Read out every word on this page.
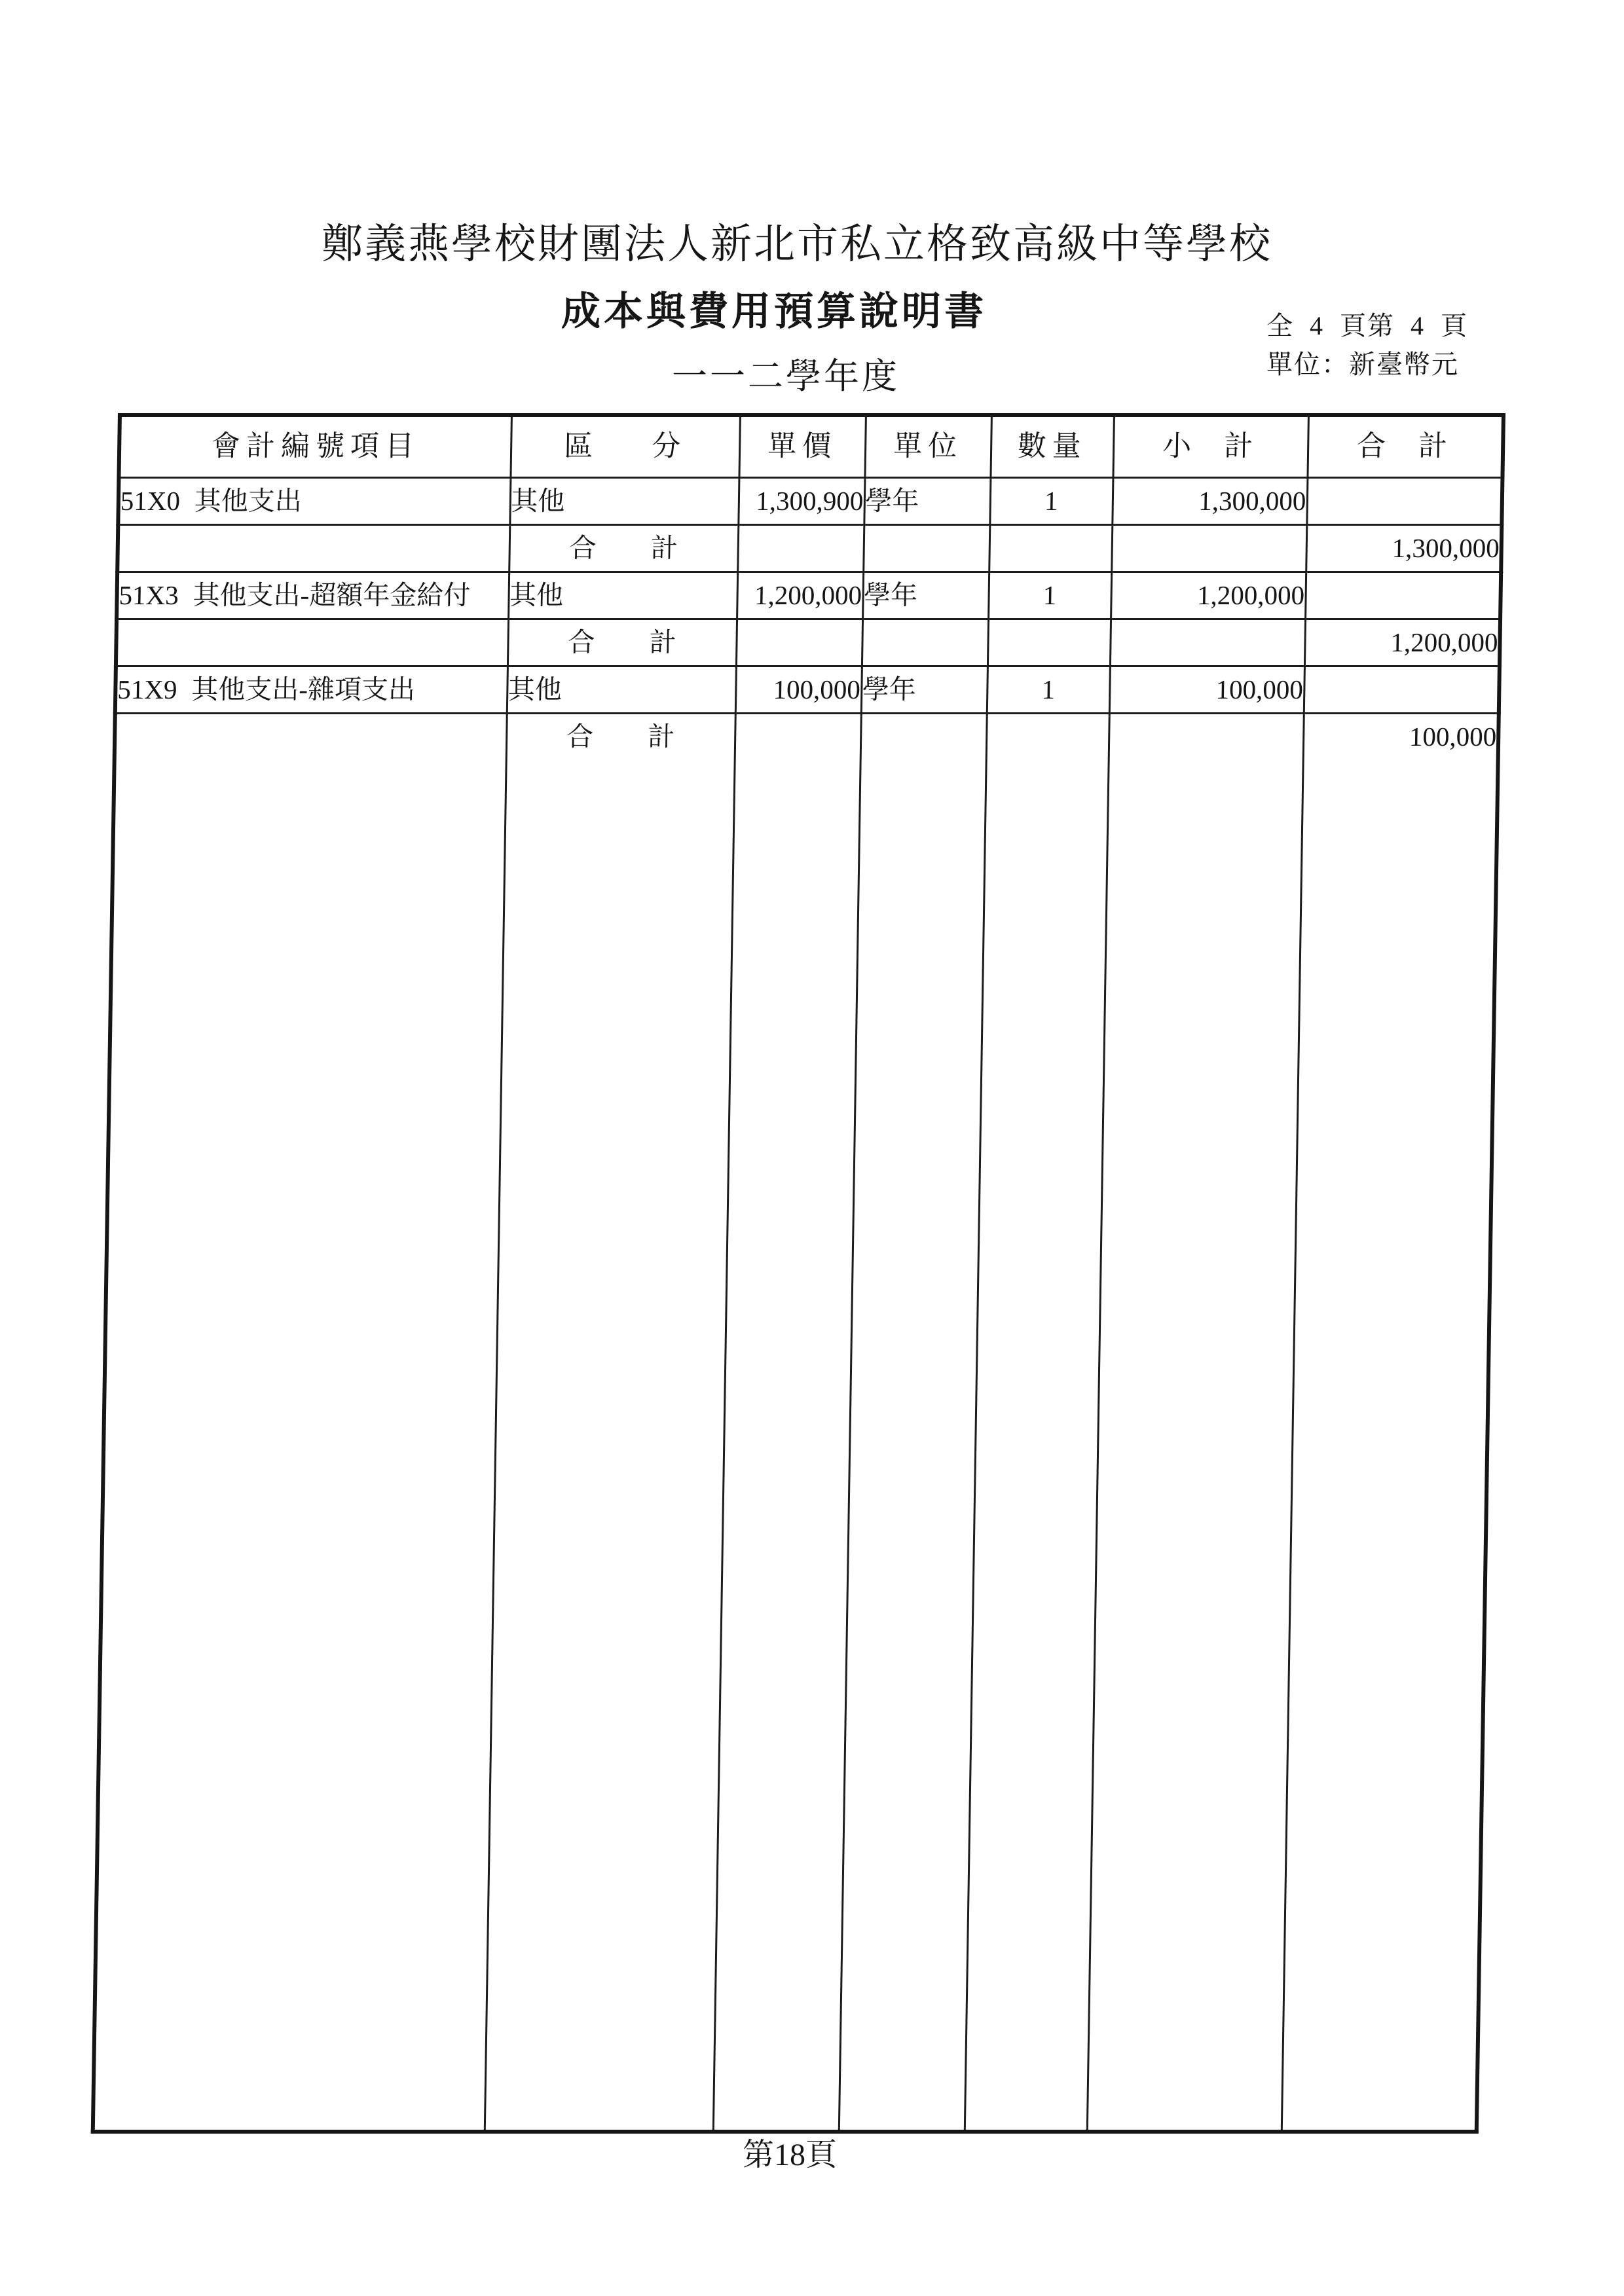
鄭義燕學校財團法人新北市私立格致高級中等學校
成本與費用預算說明書	全 4 頁第 4 頁
單位：新臺幣元
一一二學年度
會計編號項目	區 分	單價	單位	數量	小 計	合 計
51X0 其他支出	其他	1,300,900	學年	1	1,300,000	
	合 計					1,300,000
51X3 其他支出-超額年金給付	其他	1,200,000	學年	1	1,200,000	
	合 計					1,200,000
51X9 其他支出-雜項支出	其他	100,000	學年	1	100,000	
	合 計					100,000

第18頁
